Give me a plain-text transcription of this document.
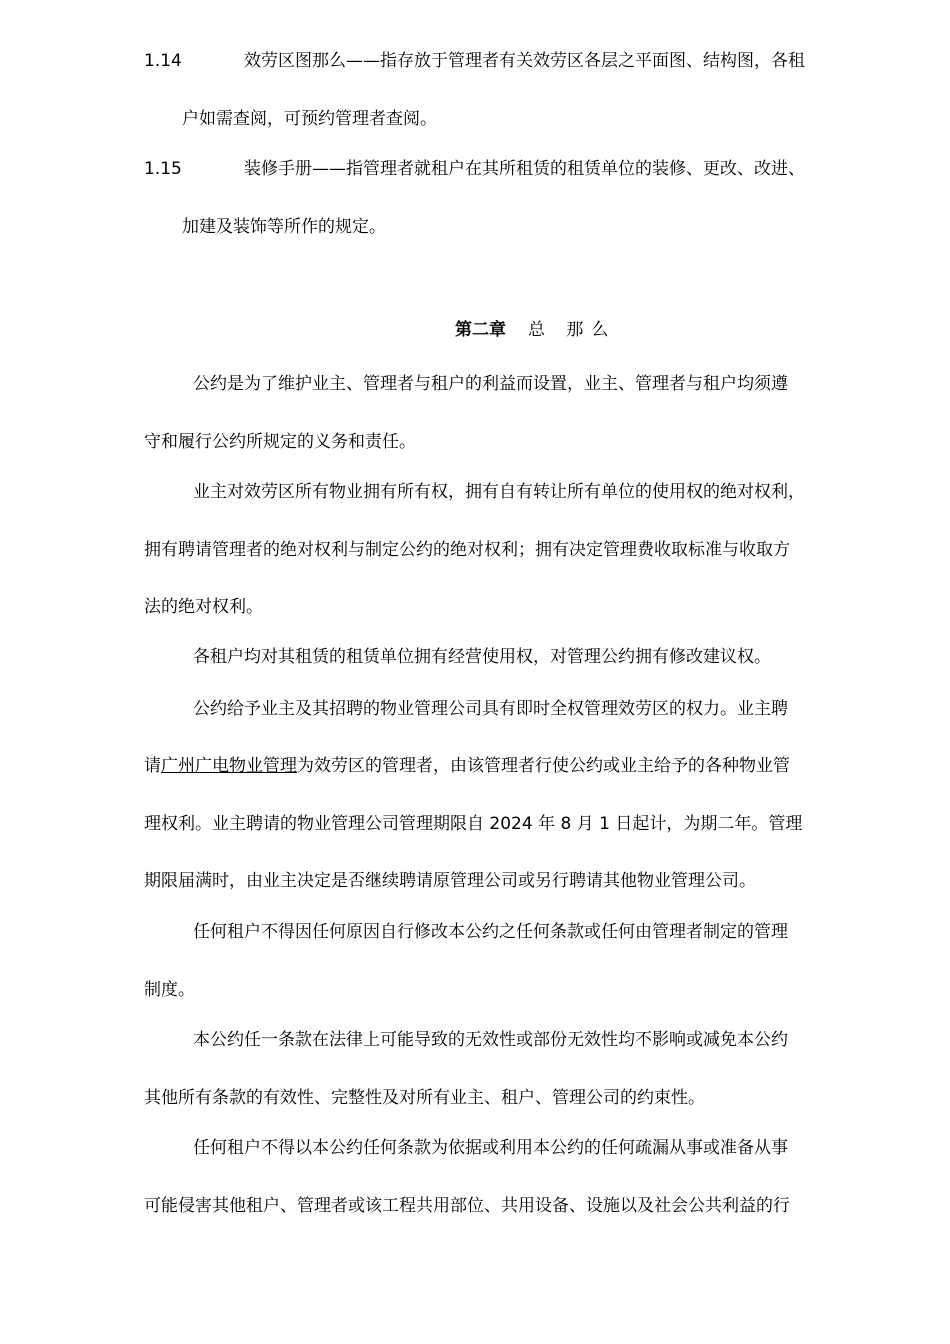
1.14	效劳区图那么——指存放于管理者有关效劳区各层之平面图、结构图，各租
户如需查阅，可预约管理者查阅。
1.15	装修手册——指管理者就租户在其所租赁的租赁单位的装修、更改、改进、
加建及装饰等所作的规定。
第二章 总 那么
公约是为了维护业主、管理者与租户的利益而设置，业主、管理者与租户均须遵
守和履行公约所规定的义务和责任。
业主对效劳区所有物业拥有所有权，拥有自有转让所有单位的使用权的绝对权利，
拥有聘请管理者的绝对权利与制定公约的绝对权利；拥有决定管理费收取标准与收取方
法的绝对权利。
各租户均对其租赁的租赁单位拥有经营使用权，对管理公约拥有修改建议权。
公约给予业主及其招聘的物业管理公司具有即时全权管理效劳区的权力。业主聘
请广州广电物业管理为效劳区的管理者，由该管理者行使公约或业主给予的各种物业管
理权利。业主聘请的物业管理公司管理期限自 2024 年 8 月 1 日起计，为期二年。管理
期限届满时，由业主决定是否继续聘请原管理公司或另行聘请其他物业管理公司。
任何租户不得因任何原因自行修改本公约之任何条款或任何由管理者制定的管理
制度。
本公约任一条款在法律上可能导致的无效性或部份无效性均不影响或减免本公约
其他所有条款的有效性、完整性及对所有业主、租户、管理公司的约束性。
任何租户不得以本公约任何条款为依据或利用本公约的任何疏漏从事或准备从事
可能侵害其他租户、管理者或该工程共用部位、共用设备、设施以及社会公共利益的行
